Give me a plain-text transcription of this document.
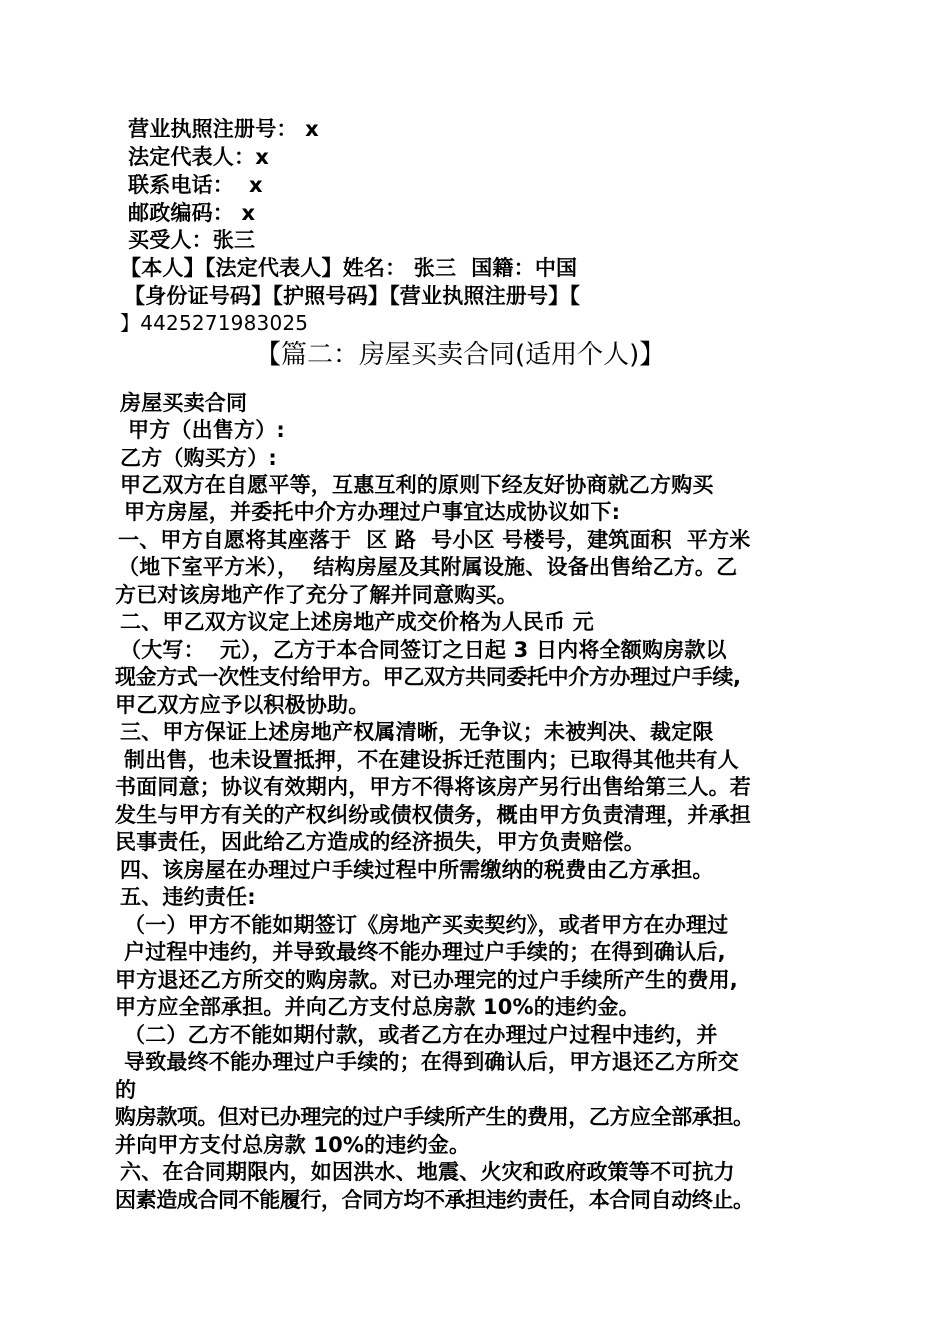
营业执照注册号： x
法定代表人：x
联系电话：  x
邮政编码： x
买受人：张三
【本人】【法定代表人】姓名： 张三  国籍：中国
【身份证号码】【护照号码】【营业执照注册号】【
】4425271983025
【篇二：房屋买卖合同(适用个人)】
房屋买卖合同
甲方（出售方）:
乙方（购买方）:
甲乙双方在自愿平等，互惠互利的原则下经友好协商就乙方购买
甲方房屋，并委托中介方办理过户事宜达成协议如下:
一、甲方自愿将其座落于  区 路  号小区 号楼号，建筑面积  平方米
（地下室平方米），  结构房屋及其附属设施、设备出售给乙方。乙
方已对该房地产作了充分了解并同意购买。
二、甲乙双方议定上述房地产成交价格为人民币 元
（大写：  元），乙方于本合同签订之日起 3 日内将全额购房款以
现金方式一次性支付给甲方。甲乙双方共同委托中介方办理过户手续,
甲乙双方应予以积极协助。
三、甲方保证上述房地产权属清晰，无争议；未被判决、裁定限
制出售，也未设置抵押，不在建设拆迁范围内；已取得其他共有人
书面同意；协议有效期内，甲方不得将该房产另行出售给第三人。若
发生与甲方有关的产权纠纷或债权债务，概由甲方负责清理，并承担
民事责任，因此给乙方造成的经济损失，甲方负责赔偿。
四、该房屋在办理过户手续过程中所需缴纳的税费由乙方承担。
五、违约责任:
（一）甲方不能如期签订《房地产买卖契约》，或者甲方在办理过
户过程中违约，并导致最终不能办理过户手续的；在得到确认后,
甲方退还乙方所交的购房款。对已办理完的过户手续所产生的费用,
甲方应全部承担。并向乙方支付总房款 10%的违约金。
（二）乙方不能如期付款，或者乙方在办理过户过程中违约，并
导致最终不能办理过户手续的；在得到确认后，甲方退还乙方所交
的
购房款项。但对已办理完的过户手续所产生的费用，乙方应全部承担。
并向甲方支付总房款 10%的违约金。
六、在合同期限内，如因洪水、地震、火灾和政府政策等不可抗力
因素造成合同不能履行，合同方均不承担违约责任，本合同自动终止。
